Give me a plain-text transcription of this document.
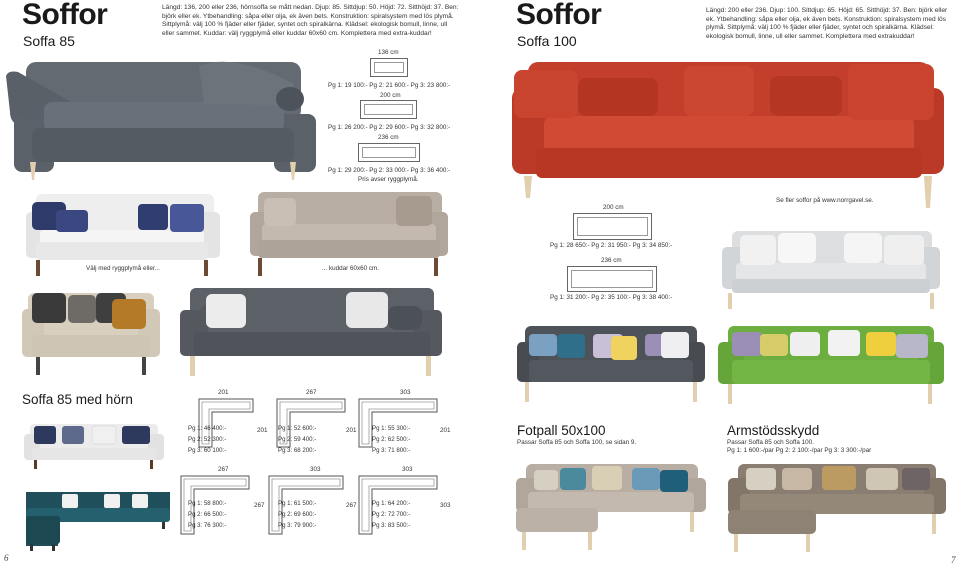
Soffor
Soffa 85
Längd: 136, 200 eller 236, hörnsoffa se mått nedan. Djup: 85. Sittdjup: 50. Höjd: 72. Sitthöjd: 37. Ben: björk eller ek. Ytbehandling: såpa eller olja, ek även bets. Konstruktion: spiralsystem med lös plymå. Sittplymå: välj 100 % fjäder eller fjäder, syntet och spiralkärna. Klädsel: ekologisk bomull, linne, ull eller sammet. Kuddar: välj ryggplymå eller kuddar 60x60 cm. Komplettera med extra-kuddar!
136 cm
Pg 1: 19 100:- Pg 2: 21 600:- Pg 3: 23 800:-
200 cm
Pg 1: 26 200:- Pg 2: 29 600:- Pg 3: 32 800:-
236 cm
Pg 1: 29 200:- Pg 2: 33 000:- Pg 3: 36 400:-
Pris avser ryggplymå.
Välj med ryggplymå eller...	... kuddar 60x60 cm.
Soffa 85 med hörn	201	267	303
201	201	201
Pg 1: 46 400:-
Pg 2: 52 300:-
Pg 3: 60 100:-
Pg 1: 52 600:-
Pg 2: 59 400:-
Pg 3: 68 200:-
Pg 1: 55 300:-
Pg 2: 62 500:-
Pg 3: 71 800:-
267	303	303
267	267	303
Pg 1: 58 800:-
Pg 2: 66 500:-
Pg 3: 76 300:-
Pg 1: 61 500:-
Pg 2: 69 600:-
Pg 3: 79 900:-
Pg 1: 64 200:-
Pg 2: 72 700:-
Pg 3: 83 500:-
6
Soffor
Soffa 100
Längd: 200 eller 236. Djup: 100. Sittdjup: 65. Höjd: 65. Sitthöjd: 37. Ben: björk eller ek. Ytbehandling: såpa eller olja, ek även bets. Konstruktion: spiralsystem med lös plymå. Sittplymå: välj 100 % fjäder eller fjäder, syntet och spiralkärna. Klädsel: ekologisk bomull, linne, ull eller sammet. Komplettera med extrakuddar!
Se fler soffor på www.norrgavel.se.
200 cm
Pg 1: 28 650:- Pg 2: 31 950:- Pg 3: 34 850:-
236 cm
Pg 1: 31 200:- Pg 2: 35 100:- Pg 3: 38 400:-
Fotpall 50x100
Passar Soffa 85 och Soffa 100, se sidan 9.
Armstödsskydd
Passar Soffa 85 och Soffa 100.
Pg 1: 1 600:-/par Pg 2: 2 100:-/par Pg 3: 3 300:-/par
7
